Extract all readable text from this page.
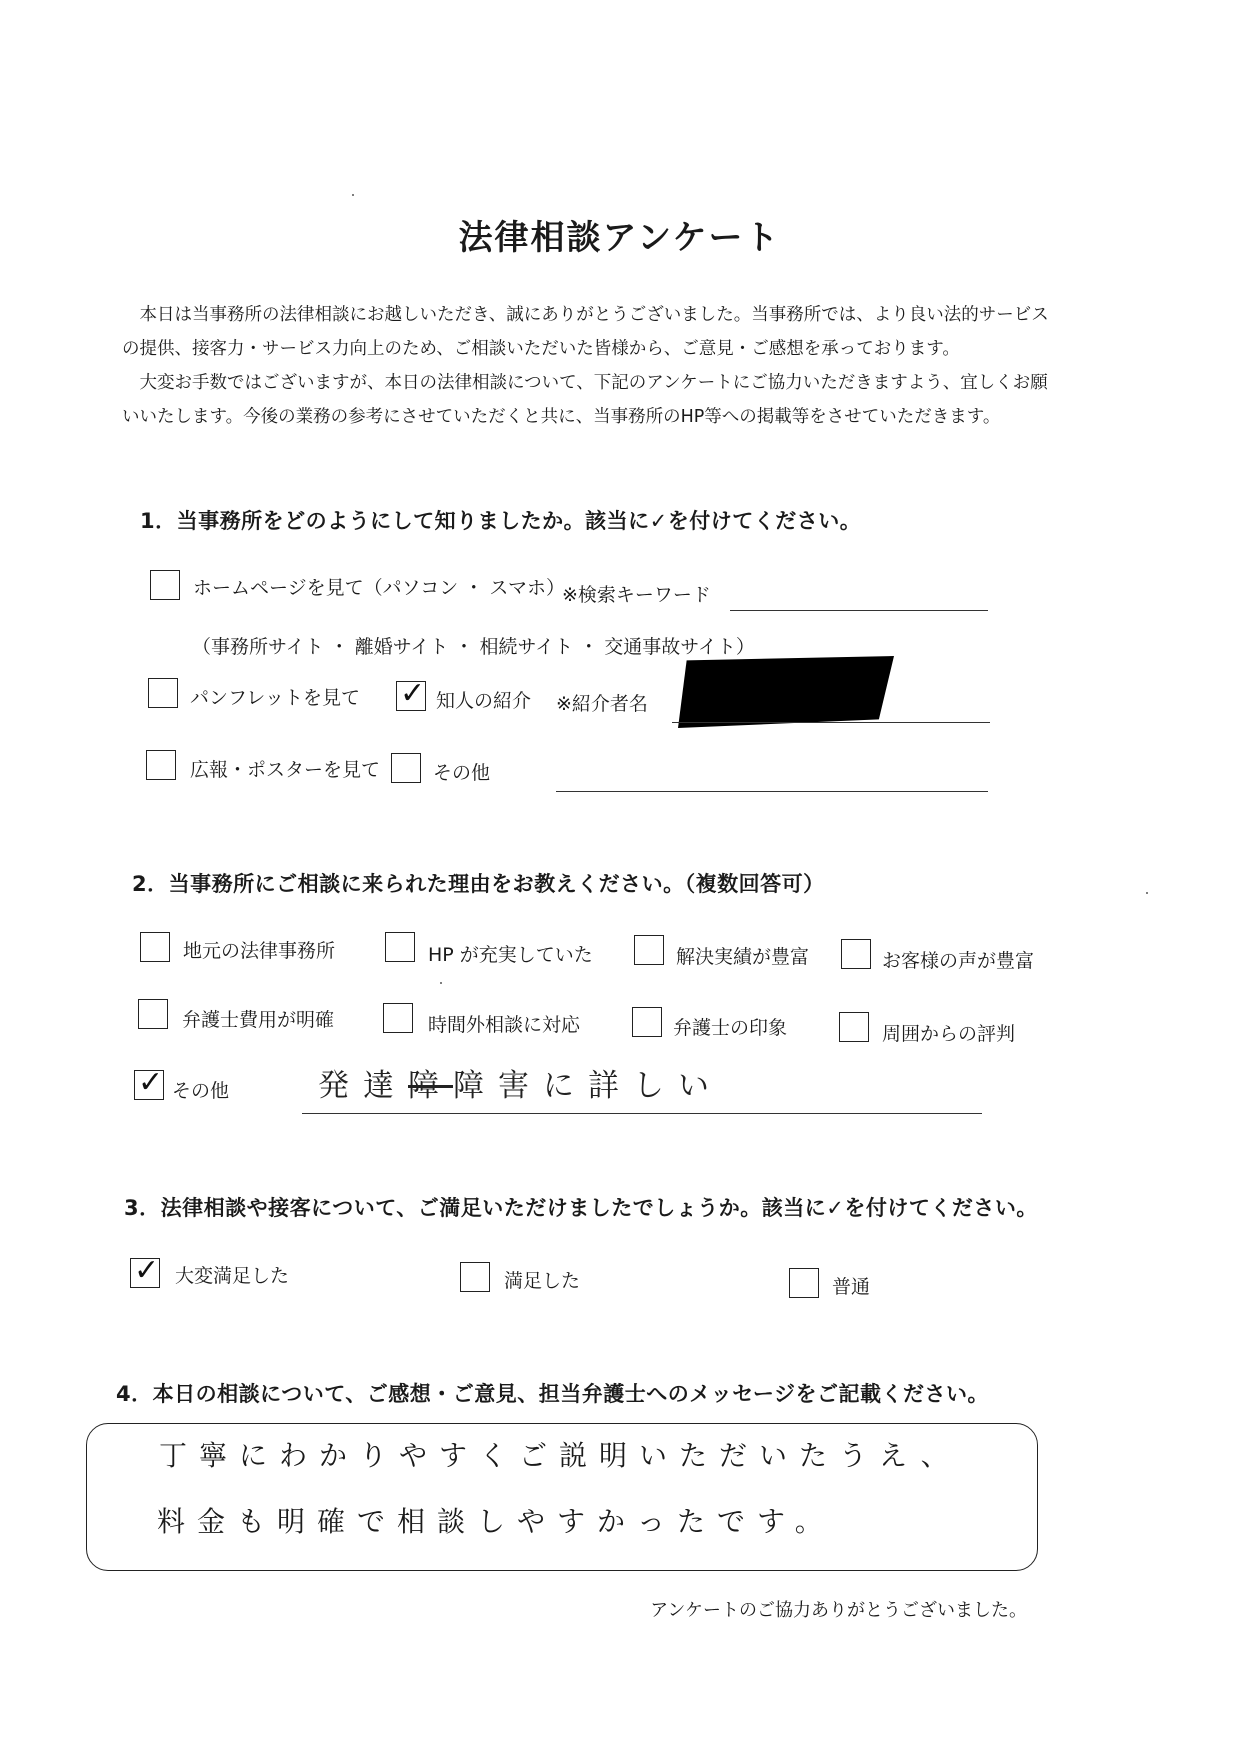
法律相談アンケート

本日は当事務所の法律相談にお越しいただき、誠にありがとうございました。当事務所では、より良い法的サービスの提供、接客力・サービス力向上のため、ご相談いただいた皆様から、ご意見・ご感想を承っております。

大変お手数ではございますが、本日の法律相談について、下記のアンケートにご協力いただきますよう、宜しくお願いいたします。今後の業務の参考にさせていただくと共に、当事務所のHP等への掲載等をさせていただきます。

1．当事務所をどのようにして知りましたか。該当に✓を付けてください。
ホームページを見て（パソコン ・ スマホ）
※検索キーワード
（事務所サイト ・ 離婚サイト ・ 相続サイト ・ 交通事故サイト）
パンフレットを見て
✓	知人の紹介 ※紹介者名
広報・ポスターを見て	その他
2．当事務所にご相談に来られた理由をお教えください。（複数回答可）
地元の法律事務所	HP が充実していた	解決実績が豊富	お客様の声が豊富
弁護士費用が明確	時間外相談に対応	弁護士の印象	周囲からの評判
✓
その他	発達障障害に詳しい
3．法律相談や接客について、ご満足いただけましたでしょうか。該当に✓を付けてください。
✓
大変満足した	満足した	普通
4．本日の相談について、ご感想・ご意見、担当弁護士へのメッセージをご記載ください。
丁寧にわかりやすくご説明いただいたうえ、
料金も明確で相談しやすかったです。
アンケートのご協力ありがとうございました。
